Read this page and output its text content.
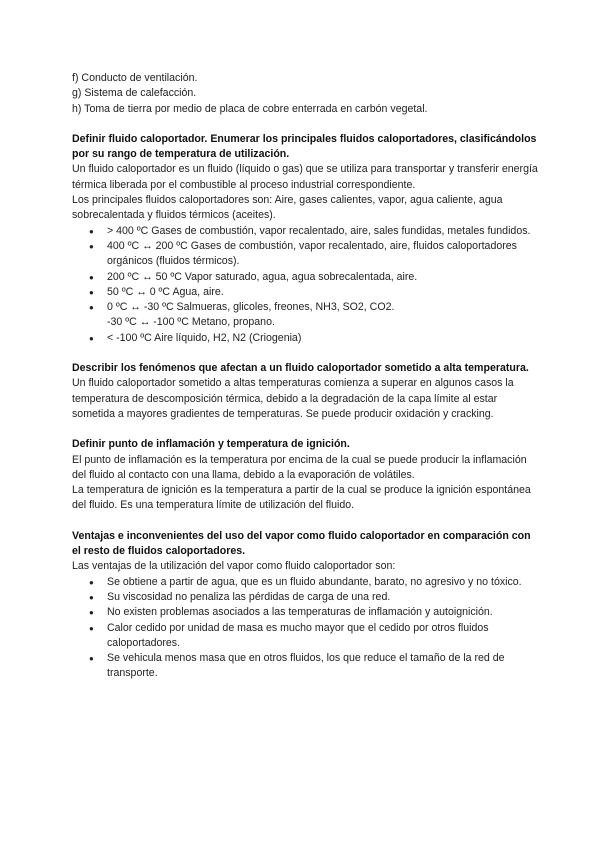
f) Conducto de ventilación.

g) Sistema de calefacción.

h) Toma de tierra por medio de placa de cobre enterrada en carbón vegetal.

Definir fluido caloportador. Enumerar los principales fluidos caloportadores, clasificándolos por su rango de temperatura de utilización.

Un fluido caloportador es un fluido (líquido o gas) que se utiliza para transportar y transferir energía térmica liberada por el combustible al proceso industrial correspondiente.

Los principales fluidos caloportadores son: Aire, gases calientes, vapor, agua caliente, agua sobrecalentada y fluidos térmicos (aceites).

● > 400 ºC Gases de combustión, vapor recalentado, aire, sales fundidas, metales fundidos.
● 400 ºC ↔ 200 ºC Gases de combustión, vapor recalentado, aire, fluidos caloportadores
orgánicos (fluidos térmicos).
● 200 ºC ↔ 50 ºC Vapor saturado, agua, agua sobrecalentada, aire.
● 50 ºC ↔ 0 ºC Agua, aire.
● 0 ºC ↔ -30 ºC Salmueras, glicoles, freones, NH3, SO2, CO2.
-30 ºC ↔ -100 ºC Metano, propano.
● < -100 ºC Aire líquido, H2, N2 (Criogenia)

Describir los fenómenos que afectan a un fluido caloportador sometido a alta temperatura.

Un fluido caloportador sometido a altas temperaturas comienza a superar en algunos casos la temperatura de descomposición térmica, debido a la degradación de la capa límite al estar sometida a mayores gradientes de temperaturas. Se puede producir oxidación y cracking.

Definir punto de inflamación y temperatura de ignición.

El punto de inflamación es la temperatura por encima de la cual se puede producir la inflamación del fluido al contacto con una llama, debido a la evaporación de volátiles.

La temperatura de ignición es la temperatura a partir de la cual se produce la ignición espontánea del fluido. Es una temperatura límite de utilización del fluido.

Ventajas e inconvenientes del uso del vapor como fluido caloportador en comparación con el resto de fluidos caloportadores.

Las ventajas de la utilización del vapor como fluido caloportador son:

● Se obtiene a partir de agua, que es un fluido abundante, barato, no agresivo y no tóxico.
● Su viscosidad no penaliza las pérdidas de carga de una red.
● No existen problemas asociados a las temperaturas de inflamación y autoignición.
● Calor cedido por unidad de masa es mucho mayor que el cedido por otros fluidos caloportadores.
● Se vehicula menos masa que en otros fluidos, los que reduce el tamaño de la red de transporte.
